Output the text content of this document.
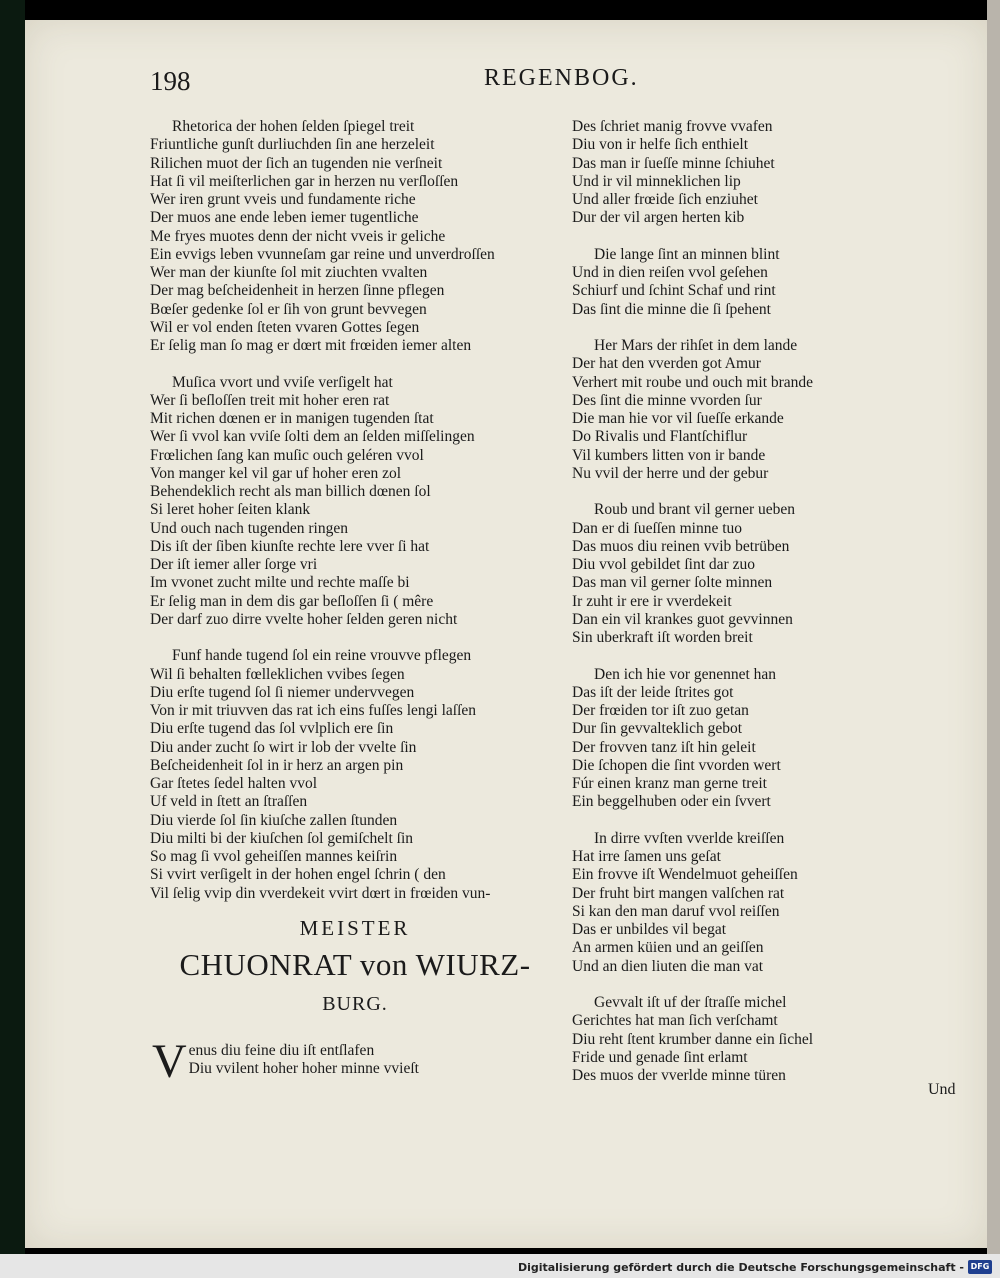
198	REGENBOG.
Rhetorica der hohen ſelden ſpiegel treit
Friuntliche gunſt durliuchden ſin ane herzeleit
Rilichen muot der ſich an tugenden nie verſneit
Hat ſi vil meiſterlichen gar in herzen nu verſloſſen
Wer iren grunt vveis und fundamente riche
Der muos ane ende leben iemer tugentliche
Me fryes muotes denn der nicht vveis ir geliche
Ein evvigs leben vvunneſam gar reine und unverdroſſen
Wer man der kiunſte ſol mit ziuchten vvalten
Der mag beſcheidenheit in herzen ſinne pflegen
Bœſer gedenke ſol er ſih von grunt bevvegen
Wil er vol enden ſteten vvaren Gottes ſegen
Er ſelig man ſo mag er dœrt mit frœiden iemer alten
Muſica vvort und vviſe verſigelt hat
Wer ſi beſloſſen treit mit hoher eren rat
Mit richen dœnen er in manigen tugenden ſtat
Wer ſi vvol kan vviſe ſolti dem an ſelden miſſelingen
Frœlichen ſang kan muſic ouch geléren vvol
Von manger kel vil gar uf hoher eren zol
Behendeklich recht als man billich dœnen ſol
Si leret hoher ſeiten klank
Und ouch nach tugenden ringen
Dis iſt der ſiben kiunſte rechte lere vver ſi hat
Der iſt iemer aller ſorge vri
Im vvonet zucht milte und rechte maſſe bi
Er ſelig man in dem dis gar beſloſſen ſi ( mêre
Der darf zuo dirre vvelte hoher ſelden geren nicht
Funf hande tugend ſol ein reine vrouvve pflegen
Wil ſi behalten fœllеklichen vvibes ſegen
Diu erſte tugend ſol ſi niemer undervvegen
Von ir mit triuvven das rat ich eins fuſſes lengi laſſen
Diu erſte tugend das ſol vvlplich ere ſin
Diu ander zucht ſo wirt ir lob der vvelte ſin
Beſcheidenheit ſol in ir herz an argen pin
Gar ſtetes ſedel halten vvol
Uf veld in ſtett an ſtraſſen
Diu vierde ſol ſin kiuſche zallen ſtunden
Diu milti bi der kiuſchen ſol gemiſchelt ſin
So mag ſi vvol geheiſſen mannes keiſrin
Si vvirt verſigelt in der hohen engel ſchrin ( den
Vil ſelig vvip din vverdekeit vvirt dœrt in frœiden vun-
MEISTER
CHUONRAT von WIURZ-
BURG.
V enus diu feine diu iſt entſlafen
Diu vvilent hoher hoher minne vvieſt
Des ſchriet manig frovve vvafen
Diu von ir helfe ſich enthielt
Das man ir ſueſſe minne ſchiuhet
Und ir vil minneklichen lip
Und aller frœide ſich enziuhet
Dur der vil argen herten kib
Die lange ſint an minnen blint
Und in dien reiſen vvol geſehen
Schiurf und ſchint Schaf und rint
Das ſint die minne die ſi ſpehent
Her Mars der rihſet in dem lande
Der hat den vverden got Amur
Verhert mit roube und ouch mit brande
Des ſint die minne vvorden ſur
Die man hie vor vil ſueſſe erkande
Do Rivalis und Flantſchiflur
Vil kumbers litten von ir bande
Nu vvil der herre und der gebur
Roub und brant vil gerner ueben
Dan er di ſueſſen minne tuo
Das muos diu reinen vvib betrüben
Diu vvol gebildet ſint dar zuo
Das man vil gerner ſolte minnen
Ir zuht ir ere ir vverdekeit
Dan ein vil krankes guot gevvinnen
Sin uberkraft iſt worden breit
Den ich hie vor genennet han
Das iſt der leide ſtrites got
Der frœiden tor iſt zuo getan
Dur ſin gevvalteklich gebot
Der frovven tanz iſt hin geleit
Die ſchopen die ſint vvorden wert
Fúr einen kranz man gerne treit
Ein beggelhuben oder ein ſvvert
In dirre vvſten vverlde kreiſſen
Hat irre ſamen uns geſat
Ein frovve iſt Wendelmuot geheiſſen
Der fruht birt mangen valſchen rat
Si kan den man daruf vvol reiſſen
Das er unbildes vil begat
An armen küien und an geiſſen
Und an dien liuten die man vat
Gevvalt iſt uf der ſtraſſe michel
Gerichtes hat man ſich verſchamt
Diu reht ſtent krumber danne ein ſichel
Fride und genade ſint erlamt
Des muos der vverlde minne türen
Und
Digitalisierung gefördert durch die Deutsche Forschungsgemeinschaft - DFG
